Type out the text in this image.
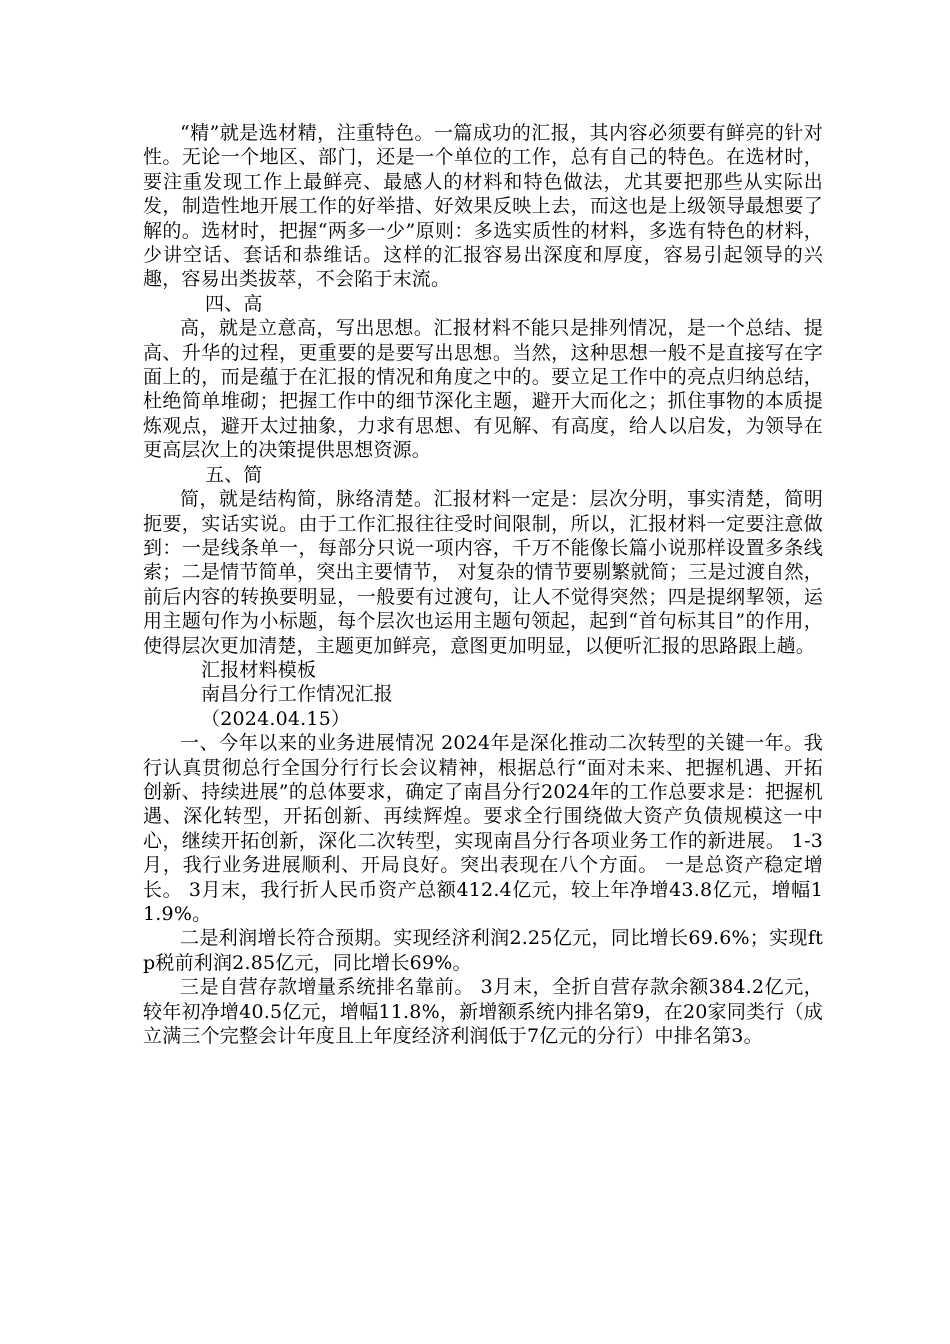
“精”就是选材精，注重特色。一篇成功的汇报，其内容必须要有鲜亮的针对性。无论一个地区、部门，还是一个单位的工作，总有自己的特色。在选材时，要注重发现工作上最鲜亮、最感人的材料和特色做法，尤其要把那些从实际出发，制造性地开展工作的好举措、好效果反映上去，而这也是上级领导最想要了解的。选材时，把握“两多一少”原则：多选实质性的材料，多选有特色的材料，少讲空话、套话和恭维话。这样的汇报容易出深度和厚度，容易引起领导的兴趣，容易出类拔萃，不会陷于末流。

四、高

高，就是立意高，写出思想。汇报材料不能只是排列情况，是一个总结、提高、升华的过程，更重要的是要写出思想。当然，这种思想一般不是直接写在字面上的，而是蕴于在汇报的情况和角度之中的。要立足工作中的亮点归纳总结，杜绝简单堆砌；把握工作中的细节深化主题，避开大而化之；抓住事物的本质提炼观点，避开太过抽象，力求有思想、有见解、有高度，给人以启发，为领导在更高层次上的决策提供思想资源。

五、简

简，就是结构简，脉络清楚。汇报材料一定是：层次分明，事实清楚，简明扼要，实话实说。由于工作汇报往往受时间限制，所以，汇报材料一定要注意做到：一是线条单一，每部分只说一项内容，千万不能像长篇小说那样设置多条线索；二是情节简单，突出主要情节， 对复杂的情节要剔繁就简；三是过渡自然，前后内容的转换要明显，一般要有过渡句，让人不觉得突然；四是提纲挈领，运用主题句作为小标题，每个层次也运用主题句领起，起到“首句标其目”的作用，使得层次更加清楚，主题更加鲜亮，意图更加明显，以便听汇报的思路跟上趟。

汇报材料模板

南昌分行工作情况汇报

（2024.04.15）

一、今年以来的业务进展情况 2024年是深化推动二次转型的关键一年。我行认真贯彻总行全国分行行长会议精神，根据总行“面对未来、把握机遇、开拓创新、持续进展”的总体要求，确定了南昌分行2024年的工作总要求是：把握机遇、深化转型，开拓创新、再续辉煌。要求全行围绕做大资产负债规模这一中心，继续开拓创新，深化二次转型，实现南昌分行各项业务工作的新进展。 1-3月，我行业务进展顺利、开局良好。突出表现在八个方面。 一是总资产稳定增长。 3月末，我行折人民币资产总额412.4亿元，较上年净增43.8亿元，增幅11.9%。

二是利润增长符合预期。实现经济利润2.25亿元，同比增长69.6%；实现ftp税前利润2.85亿元，同比增长69%。

三是自营存款增量系统排名靠前。 3月末，全折自营存款余额384.2亿元，较年初净增40.5亿元，增幅11.8%，新增额系统内排名第9，在20家同类行（成立满三个完整会计年度且上年度经济利润低于7亿元的分行）中排名第3。
